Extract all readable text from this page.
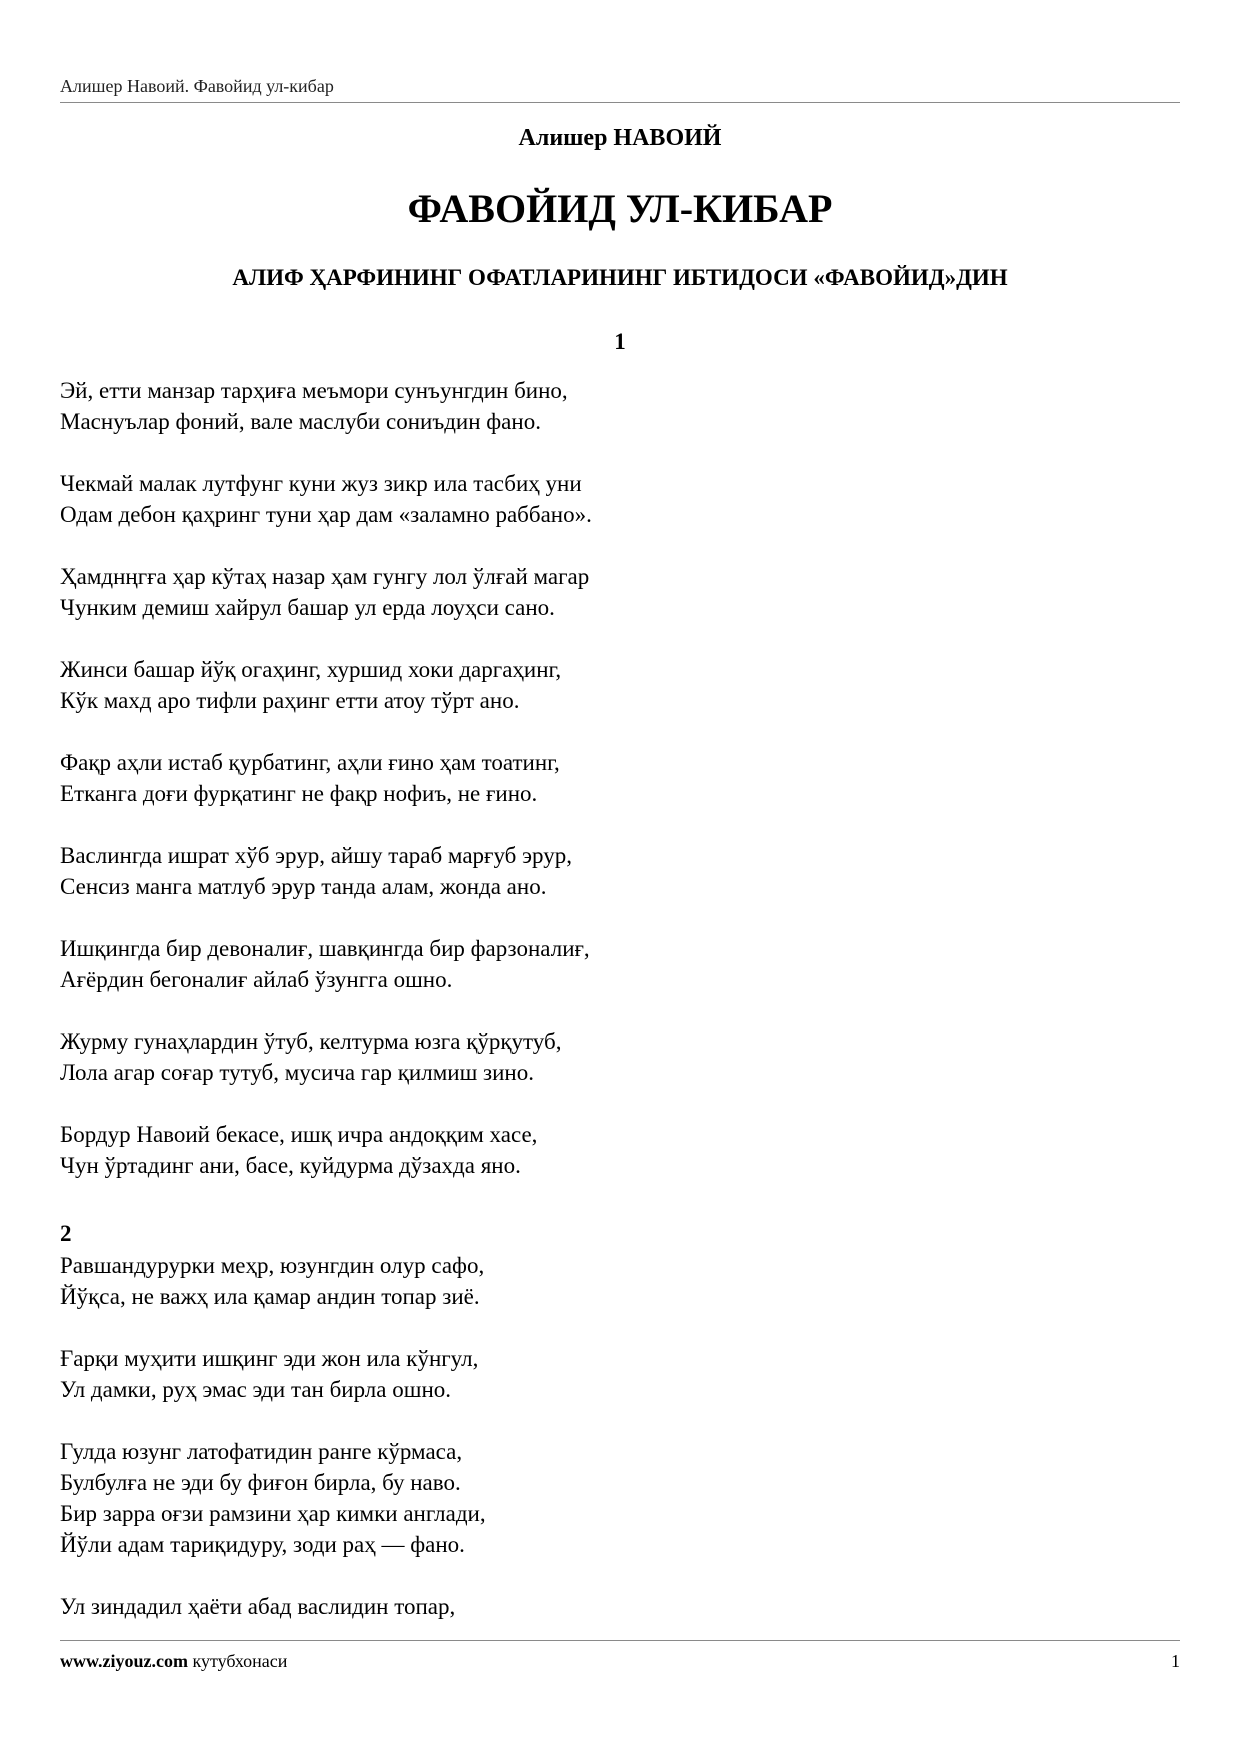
Алишер Навоий. Фавойид ул-кибар
Алишер НАВОИЙ
ФАВОЙИД УЛ-КИБАР
АЛИФ ҲАРФИНИНГ ОФАТЛАРИНИНГ ИБТИДОСИ «ФАВОЙИД»ДИН
1
Эй, етти манзар тарҳиға меъмори сунъунгдин бино,
Маснуълар фоний, вале маслуби сониъдин фано.
Чекмай малак лутфунг куни жуз зикр ила тасбиҳ уни
Одам дебон қаҳринг туни ҳар дам «заламно раббано».
Ҳамднңгға ҳар кўтаҳ назар ҳам гунгу лол ўлғай магар
Чунким демиш хайрул башар ул ерда лоуҳси сано.
Жинси башар йўқ огаҳинг, хуршид хоки даргаҳинг,
Кўк махд аро тифли раҳинг етти атоу тўрт ано.
Фақр аҳли истаб қурбатинг, аҳли ғино ҳам тоатинг,
Етканга доғи фурқатинг не фақр нофиъ, не ғино.
Васлингда ишрат хўб эрур, айшу тараб марғуб эрур,
Сенсиз манга матлуб эрур танда алам, жонда ано.
Ишқингда бир девоналиғ, шавқингда бир фарзоналиғ,
Ағёрдин бегоналиғ айлаб ўзунгга ошно.
Журму гунаҳлардин ўтуб, келтурма юзга қўрқутуб,
Лола агар соғар тутуб, мусича гар қилмиш зино.
Бордур Навоий бекасе, ишқ ичра андоққим хасе,
Чун ўртадинг ани, басе, куйдурма дўзахда яно.
2
Равшандурурки меҳр, юзунгдин олур сафо,
Йўқса, не важҳ ила қамар андин топар зиё.
Ғарқи муҳити ишқинг эди жон ила кўнгул,
Ул дамки, руҳ эмас эди тан бирла ошно.
Гулда юзунг латофатидин ранге кўрмаса,
Булбулға не эди бу фиғон бирла, бу наво.
Бир зарра оғзи рамзини ҳар кимки англади,
Йўли адам тариқидуру, зоди раҳ — фано.
Ул зиндадил ҳаёти абад васлидин топар,
www.ziyouz.com кутубхонаси	1
